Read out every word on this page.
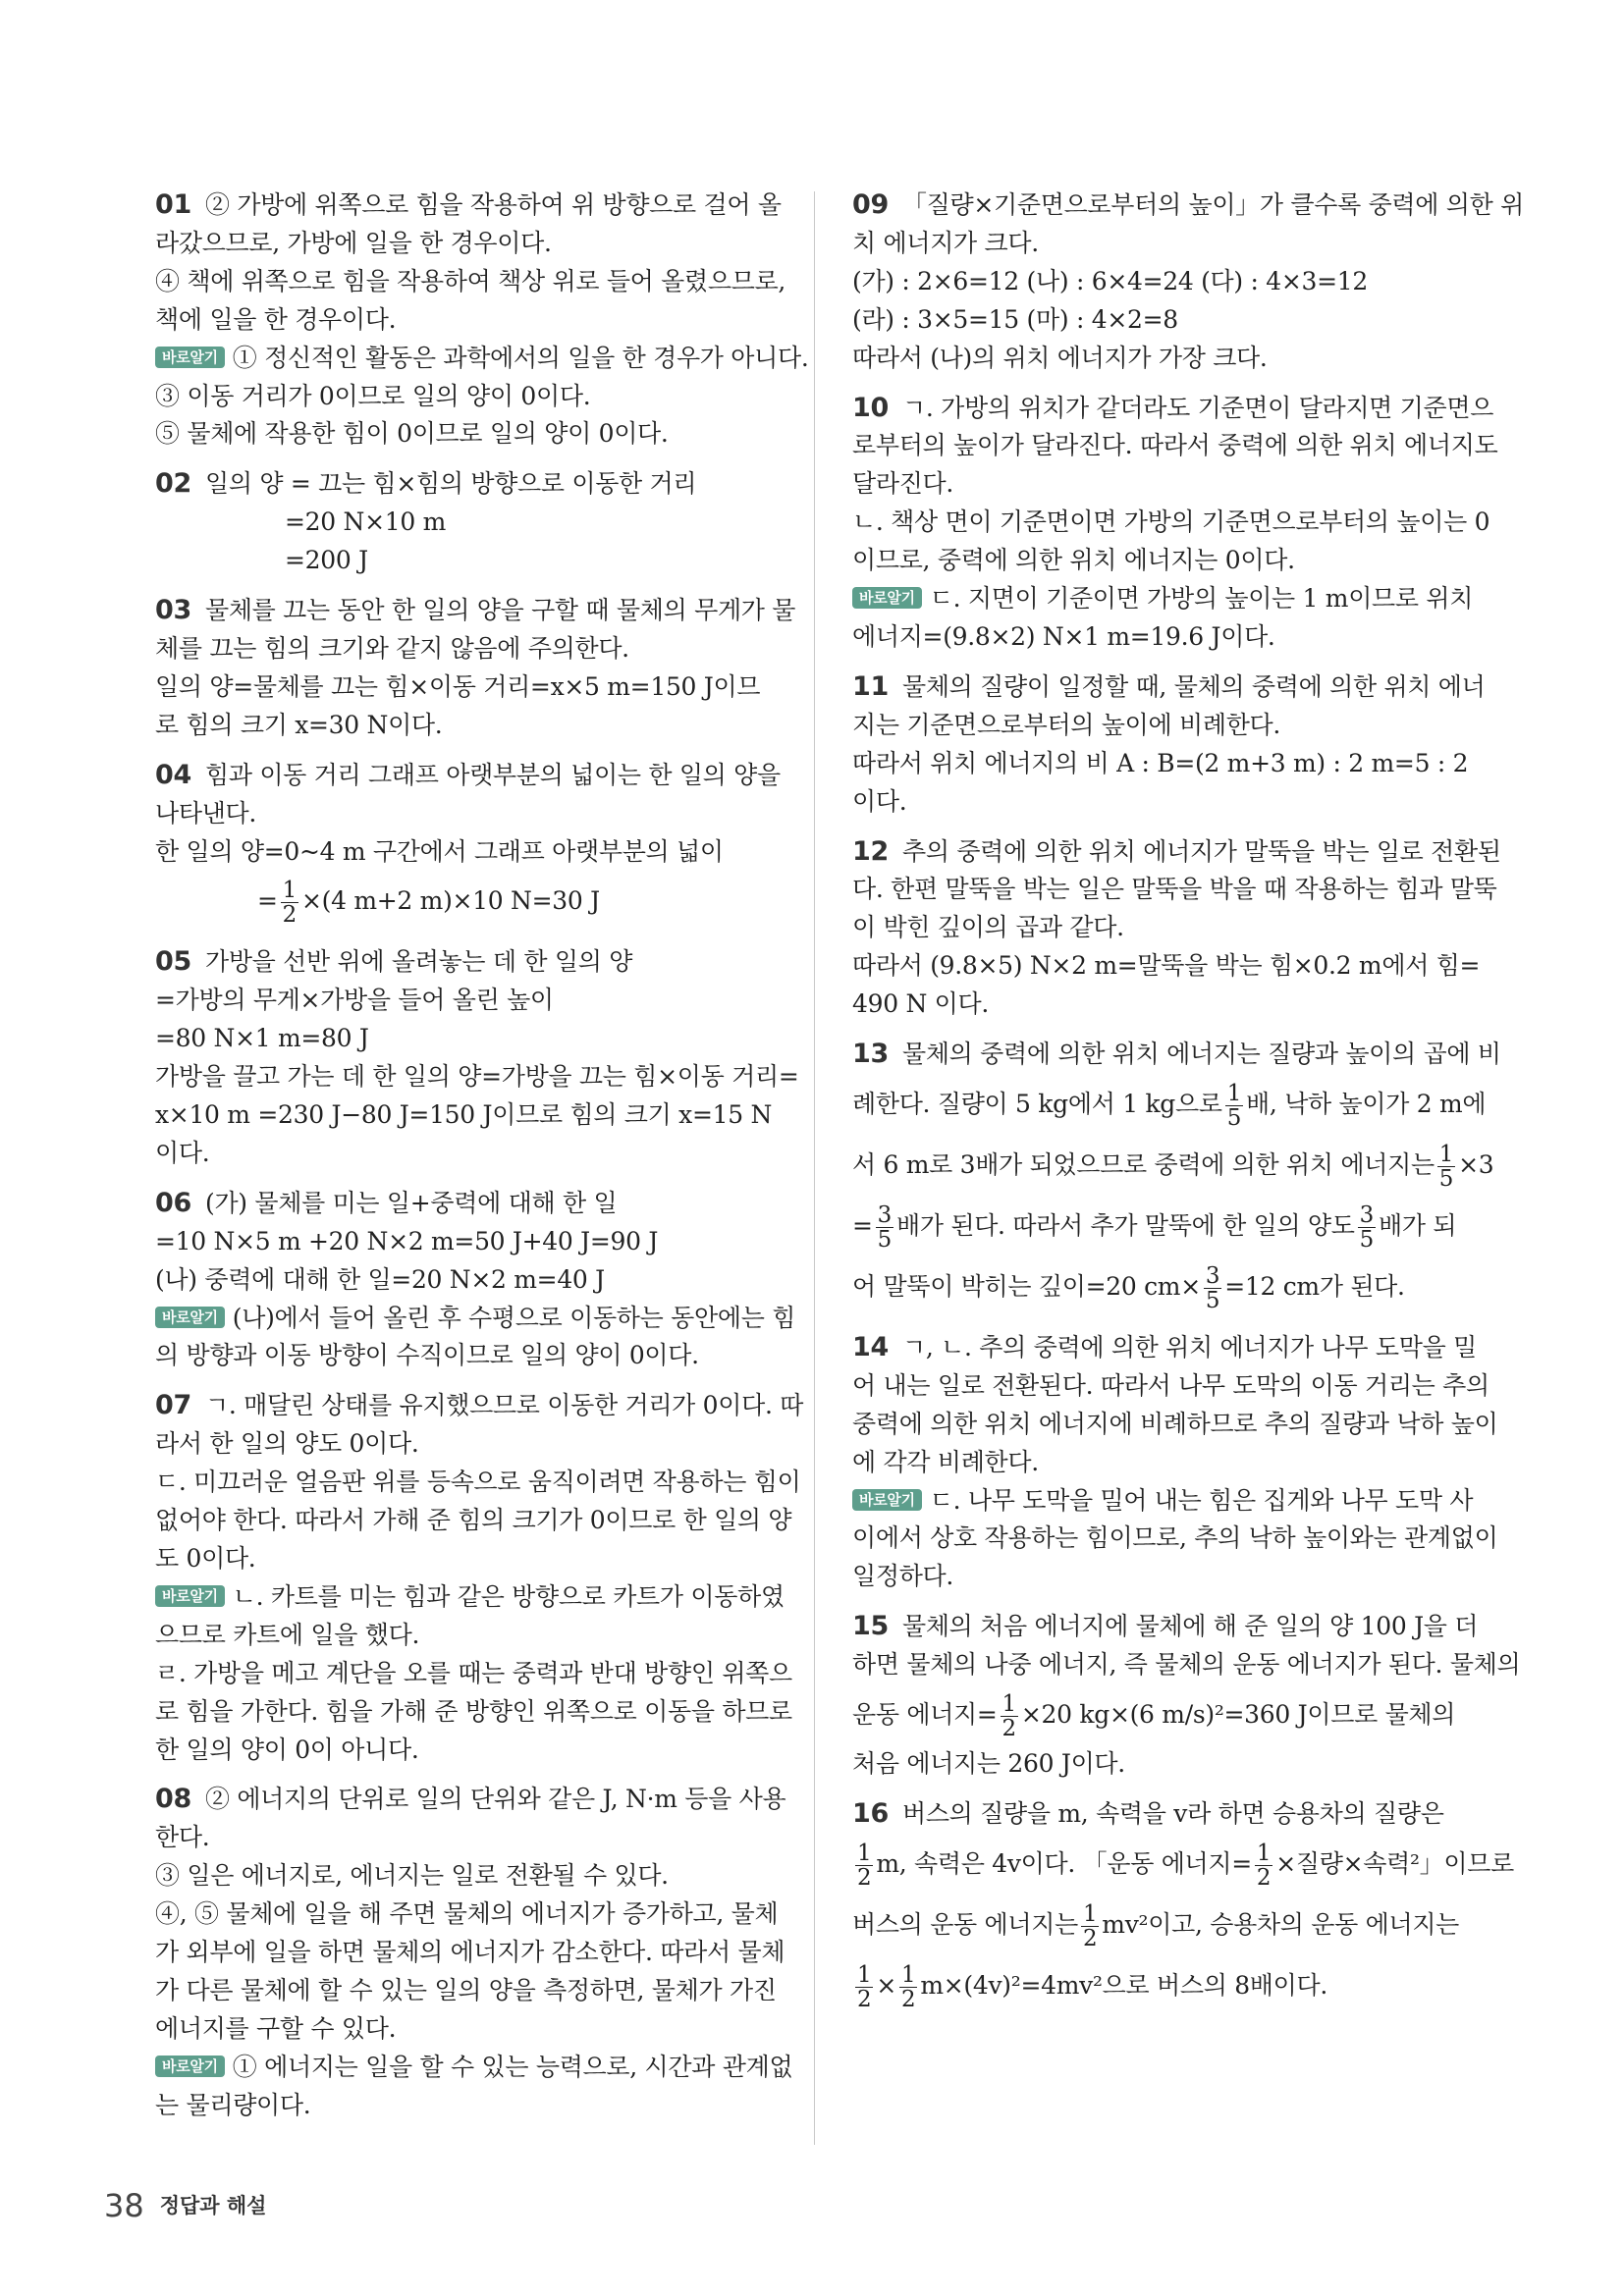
01 ② 가방에 위쪽으로 힘을 작용하여 위 방향으로 걸어 올
라갔으므로, 가방에 일을 한 경우이다.
④ 책에 위쪽으로 힘을 작용하여 책상 위로 들어 올렸으므로,
책에 일을 한 경우이다.
바로알기 ① 정신적인 활동은 과학에서의 일을 한 경우가 아니다.
③ 이동 거리가 0이므로 일의 양이 0이다.
⑤ 물체에 작용한 힘이 0이므로 일의 양이 0이다.
02 일의 양 = 끄는 힘×힘의 방향으로 이동한 거리
=20 N×10 m
=200 J
03 물체를 끄는 동안 한 일의 양을 구할 때 물체의 무게가 물
체를 끄는 힘의 크기와 같지 않음에 주의한다.
일의 양=물체를 끄는 힘×이동 거리=x×5 m=150 J이므
로 힘의 크기 x=30 N이다.
04 힘과 이동 거리 그래프 아랫부분의 넓이는 한 일의 양을
나타낸다.
한 일의 양=0~4 m 구간에서 그래프 아랫부분의 넓이
= $\frac{1}{2} \times(4$ m+2 m)×10 N=30 J
05 가방을 선반 위에 올려놓는 데 한 일의 양
=가방의 무게×가방을 들어 올린 높이
=80 N×1 m=80 J
가방을 끌고 가는 데 한 일의 양=가방을 끄는 힘×이동 거리=
x×10 m =230 J−80 J=150 J이므로 힘의 크기 x=15 N
이다.
06 (가) 물체를 미는 일+중력에 대해 한 일
=10 N×5 m +20 N×2 m=50 J+40 J=90 J
(나) 중력에 대해 한 일=20 N×2 m=40 J
바로알기 (나)에서 들어 올린 후 수평으로 이동하는 동안에는 힘
의 방향과 이동 방향이 수직이므로 일의 양이 0이다.
07 ㄱ. 매달린 상태를 유지했으므로 이동한 거리가 0이다. 따
라서 한 일의 양도 0이다.
ㄷ. 미끄러운 얼음판 위를 등속으로 움직이려면 작용하는 힘이
없어야 한다. 따라서 가해 준 힘의 크기가 0이므로 한 일의 양
도 0이다.
바로알기 ㄴ. 카트를 미는 힘과 같은 방향으로 카트가 이동하였
으므로 카트에 일을 했다.
ㄹ. 가방을 메고 계단을 오를 때는 중력과 반대 방향인 위쪽으
로 힘을 가한다. 힘을 가해 준 방향인 위쪽으로 이동을 하므로
한 일의 양이 0이 아니다.
08 ② 에너지의 단위로 일의 단위와 같은 J, N·m 등을 사용
한다.
③ 일은 에너지로, 에너지는 일로 전환될 수 있다.
④, ⑤ 물체에 일을 해 주면 물체의 에너지가 증가하고, 물체
가 외부에 일을 하면 물체의 에너지가 감소한다. 따라서 물체
가 다른 물체에 할 수 있는 일의 양을 측정하면, 물체가 가진
에너지를 구할 수 있다.
바로알기 ① 에너지는 일을 할 수 있는 능력으로, 시간과 관계없
는 물리량이다.
09 「질량×기준면으로부터의 높이」가 클수록 중력에 의한 위
치 에너지가 크다.
(가) : 2×6=12 (나) : 6×4=24 (다) : 4×3=12
(라) : 3×5=15 (마) : 4×2=8
따라서 (나)의 위치 에너지가 가장 크다.
10 ㄱ. 가방의 위치가 같더라도 기준면이 달라지면 기준면으
로부터의 높이가 달라진다. 따라서 중력에 의한 위치 에너지도
달라진다.
ㄴ. 책상 면이 기준면이면 가방의 기준면으로부터의 높이는 0
이므로, 중력에 의한 위치 에너지는 0이다.
바로알기 ㄷ. 지면이 기준이면 가방의 높이는 1 m이므로 위치
에너지=(9.8×2) N×1 m=19.6 J이다.
11 물체의 질량이 일정할 때, 물체의 중력에 의한 위치 에너
지는 기준면으로부터의 높이에 비례한다.
따라서 위치 에너지의 비 A : B=(2 m+3 m) : 2 m=5 : 2
이다.
12 추의 중력에 의한 위치 에너지가 말뚝을 박는 일로 전환된
다. 한편 말뚝을 박는 일은 말뚝을 박을 때 작용하는 힘과 말뚝
이 박힌 깊이의 곱과 같다.
따라서 (9.8×5) N×2 m=말뚝을 박는 힘×0.2 m에서 힘=
490 N 이다.
13 물체의 중력에 의한 위치 에너지는 질량과 높이의 곱에 비
례한다. 질량이 5 kg에서 1 kg으로 $\frac{1}{5}$ 배, 낙하 높이가 2 m에
서 6 m로 3배가 되었으므로 중력에 의한 위치 에너지는 $\frac{1}{5} \times 3$
= $\frac{3}{5}$ 배가 된다. 따라서 추가 말뚝에 한 일의 양도 $\frac{3}{5}$ 배가 되
어 말뚝이 박히는 깊이=20 $cm\times \frac{3}{5} =12$ cm가 된다.
14 ㄱ, ㄴ. 추의 중력에 의한 위치 에너지가 나무 도막을 밀
어 내는 일로 전환된다. 따라서 나무 도막의 이동 거리는 추의
중력에 의한 위치 에너지에 비례하므로 추의 질량과 낙하 높이
에 각각 비례한다.
바로알기 ㄷ. 나무 도막을 밀어 내는 힘은 집게와 나무 도막 사
이에서 상호 작용하는 힘이므로, 추의 낙하 높이와는 관계없이
일정하다.
15 물체의 처음 에너지에 물체에 해 준 일의 양 100 J을 더
하면 물체의 나중 에너지, 즉 물체의 운동 에너지가 된다. 물체의
운동 에너지= $\frac{1}{2} \times 20$ kg×(6 m/s)²=360 J이므로 물체의
처음 에너지는 260 J이다.
16 버스의 질량을 m, 속력을 v라 하면 승용차의 질량은
$\frac{1}{2} m$, 속력은 4v이다. 「운동 에너지= $\frac{1}{2}$ ×질량×속력²」이므로
버스의 운동 에너지는 $\frac{1}{2} mv^2$이고, 승용차의 운동 에너지는
$\frac{1}{2} \times \frac{1}{2} m\times(4v)^2=4mv^2$으로 버스의 8배이다.
38 정답과 해설
